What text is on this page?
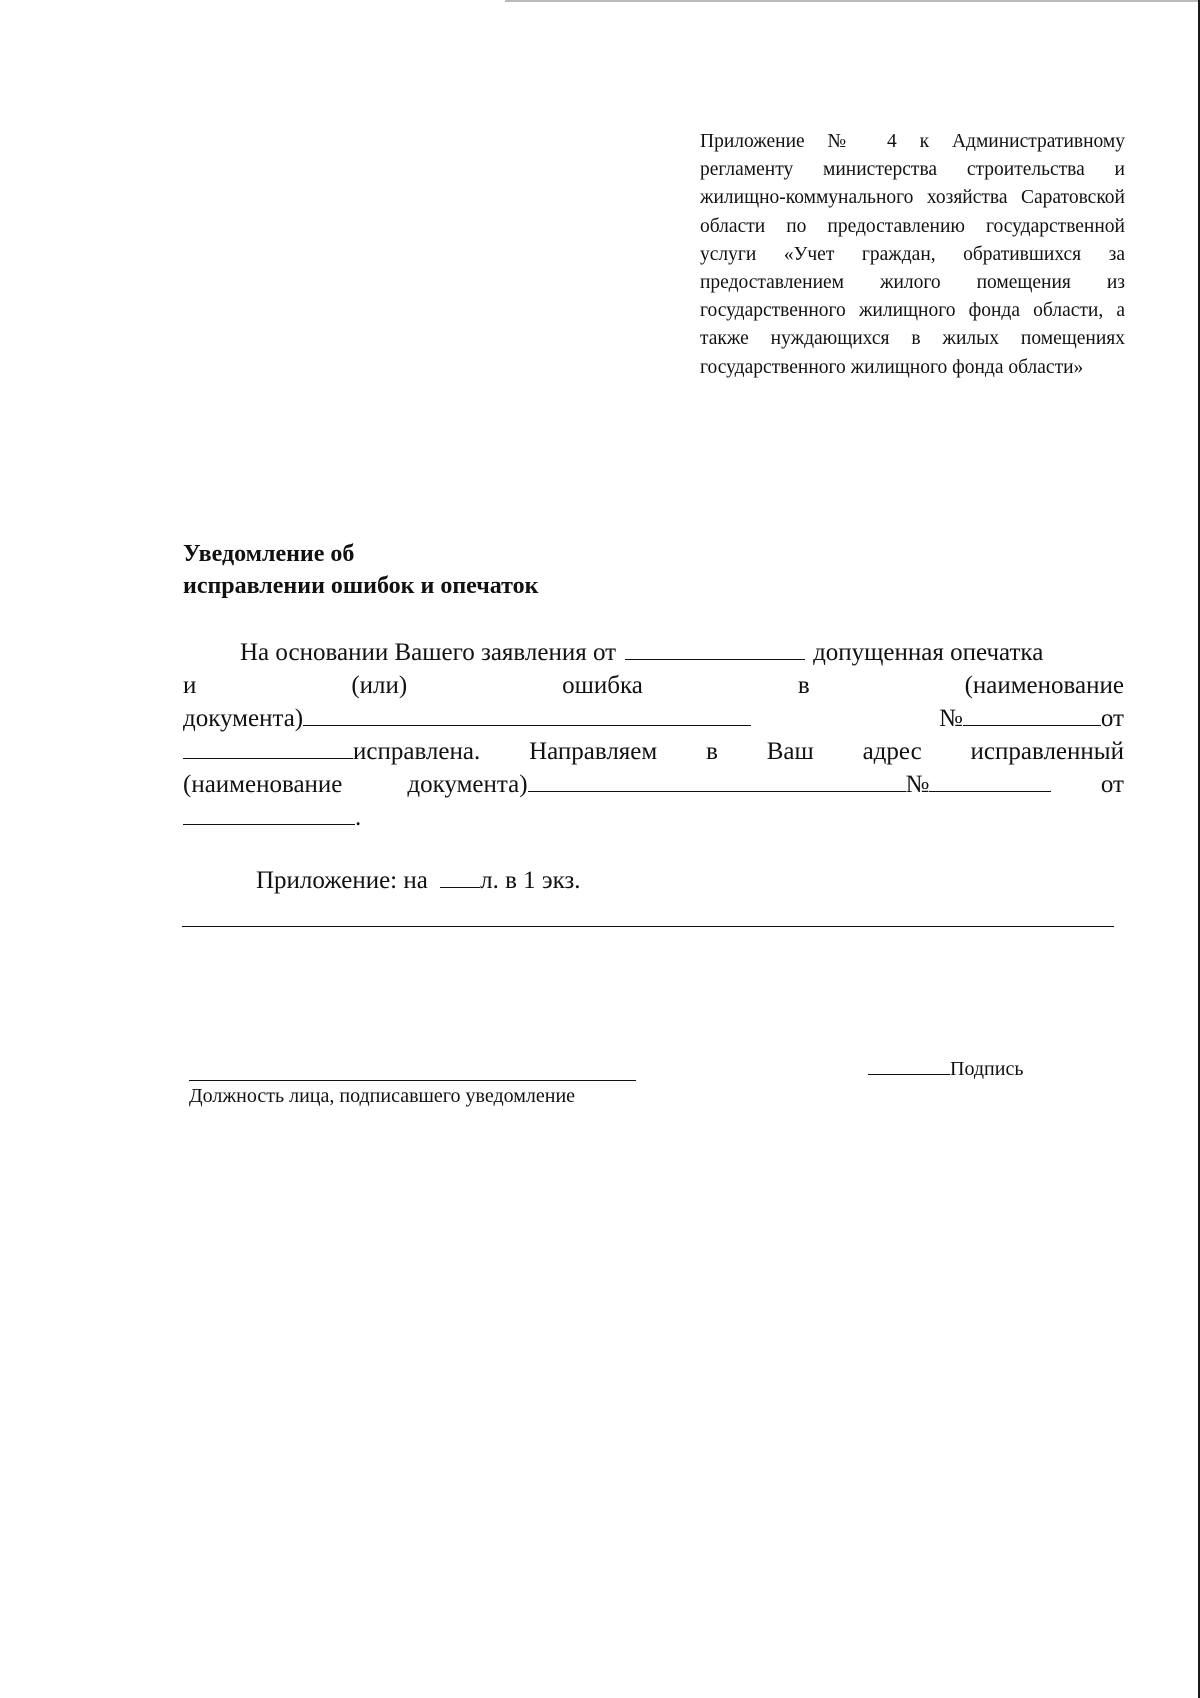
Приложение № 4 к Административному регламенту министерства строительства и жилищно-коммунального хозяйства Саратовской области по предоставлению государственной услуги «Учет граждан, обратившихся за предоставлением жилого помещения из государственного жилищного фонда области, а также нуждающихся в жилых помещениях государственного жилищного фонда области»
Уведомление об
исправлении ошибок и опечаток
На основании Вашего заявления от	допущенная опечатка
и	(или)	ошибка	в	(наименование
документа)	№	от
исправлена. Направляем в Ваш адрес исправленный
(наименование	документа)	№	от
.
Приложение: на л. в 1 экз.
Должность лица, подписавшего уведомление
Подпись
